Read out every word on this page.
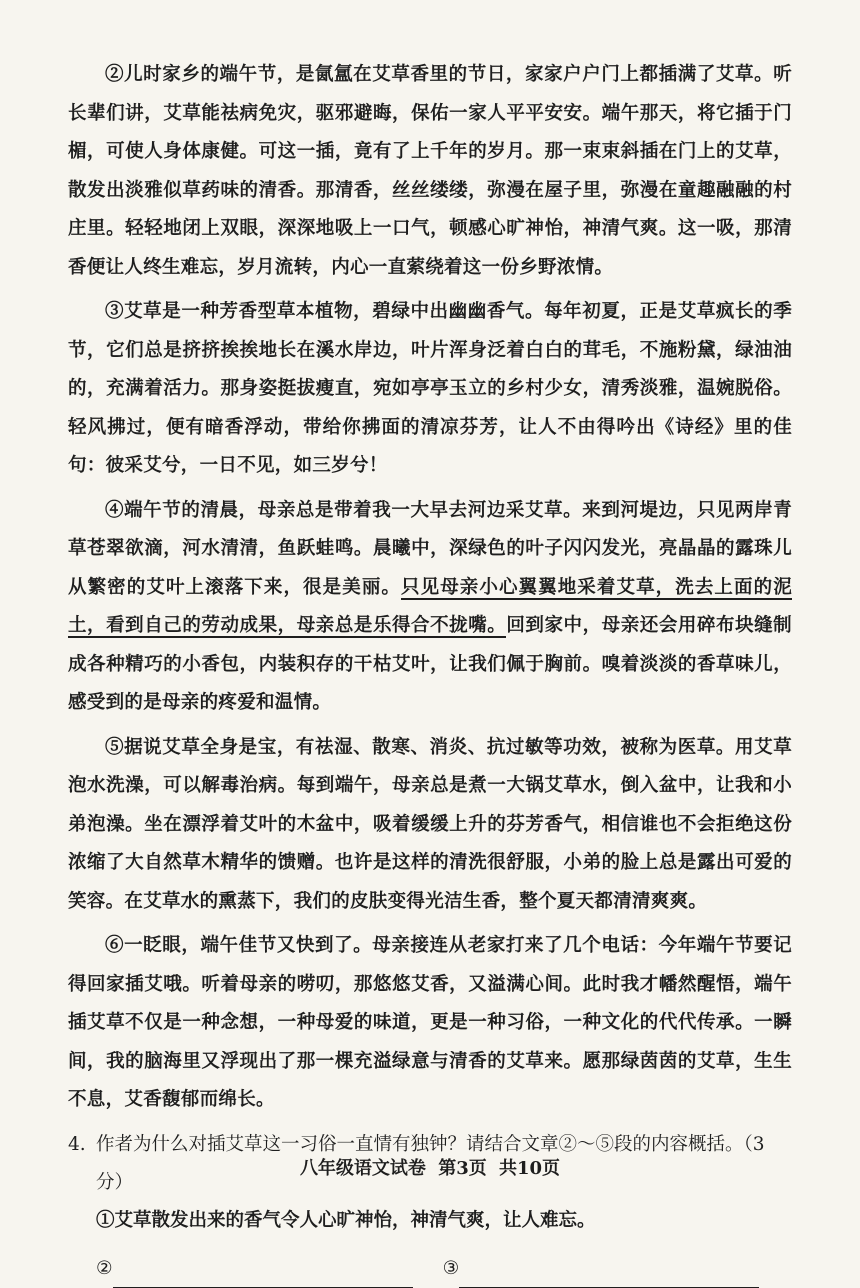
②儿时家乡的端午节，是氤氲在艾草香里的节日，家家户户门上都插满了艾草。听长辈们讲，艾草能祛病免灾，驱邪避晦，保佑一家人平平安安。端午那天，将它插于门楣，可使人身体康健。可这一插，竟有了上千年的岁月。那一束束斜插在门上的艾草，散发出淡雅似草药味的清香。那清香，丝丝缕缕，弥漫在屋子里，弥漫在童趣融融的村庄里。轻轻地闭上双眼，深深地吸上一口气，顿感心旷神怡，神清气爽。这一吸，那清香便让人终生难忘，岁月流转，内心一直萦绕着这一份乡野浓情。

③艾草是一种芳香型草本植物，碧绿中出幽幽香气。每年初夏，正是艾草疯长的季节，它们总是挤挤挨挨地长在溪水岸边，叶片浑身泛着白白的茸毛，不施粉黛，绿油油的，充满着活力。那身姿挺拔瘦直，宛如亭亭玉立的乡村少女，清秀淡雅，温婉脱俗。轻风拂过，便有暗香浮动，带给你拂面的清凉芬芳，让人不由得吟出《诗经》里的佳句：彼采艾兮，一日不见，如三岁兮！

④端午节的清晨，母亲总是带着我一大早去河边采艾草。来到河堤边，只见两岸青草苍翠欲滴，河水清清，鱼跃蛙鸣。晨曦中，深绿色的叶子闪闪发光，亮晶晶的露珠儿从繁密的艾叶上滚落下来，很是美丽。只见母亲小心翼翼地采着艾草，洗去上面的泥土，看到自己的劳动成果，母亲总是乐得合不拢嘴。回到家中，母亲还会用碎布块缝制成各种精巧的小香包，内装积存的干枯艾叶，让我们佩于胸前。嗅着淡淡的香草味儿，感受到的是母亲的疼爱和温情。

⑤据说艾草全身是宝，有祛湿、散寒、消炎、抗过敏等功效，被称为医草。用艾草泡水洗澡，可以解毒治病。每到端午，母亲总是煮一大锅艾草水，倒入盆中，让我和小弟泡澡。坐在漂浮着艾叶的木盆中，吸着缓缓上升的芬芳香气，相信谁也不会拒绝这份浓缩了大自然草木精华的馈赠。也许是这样的清洗很舒服，小弟的脸上总是露出可爱的笑容。在艾草水的熏蒸下，我们的皮肤变得光洁生香，整个夏天都清清爽爽。

⑥一眨眼，端午佳节又快到了。母亲接连从老家打来了几个电话：今年端午节要记得回家插艾哦。听着母亲的唠叨，那悠悠艾香，又溢满心间。此时我才幡然醒悟，端午插艾草不仅是一种念想，一种母爱的味道，更是一种习俗，一种文化的代代传承。一瞬间，我的脑海里又浮现出了那一棵充溢绿意与清香的艾草来。愿那绿茵茵的艾草，生生不息，艾香馥郁而绵长。

4. 作者为什么对插艾草这一习俗一直情有独钟？请结合文章②～⑤段的内容概括。（3分）
①艾草散发出来的香气令人心旷神怡，神清气爽，让人难忘。
②	③
八年级语文试卷 第3页 共10页
